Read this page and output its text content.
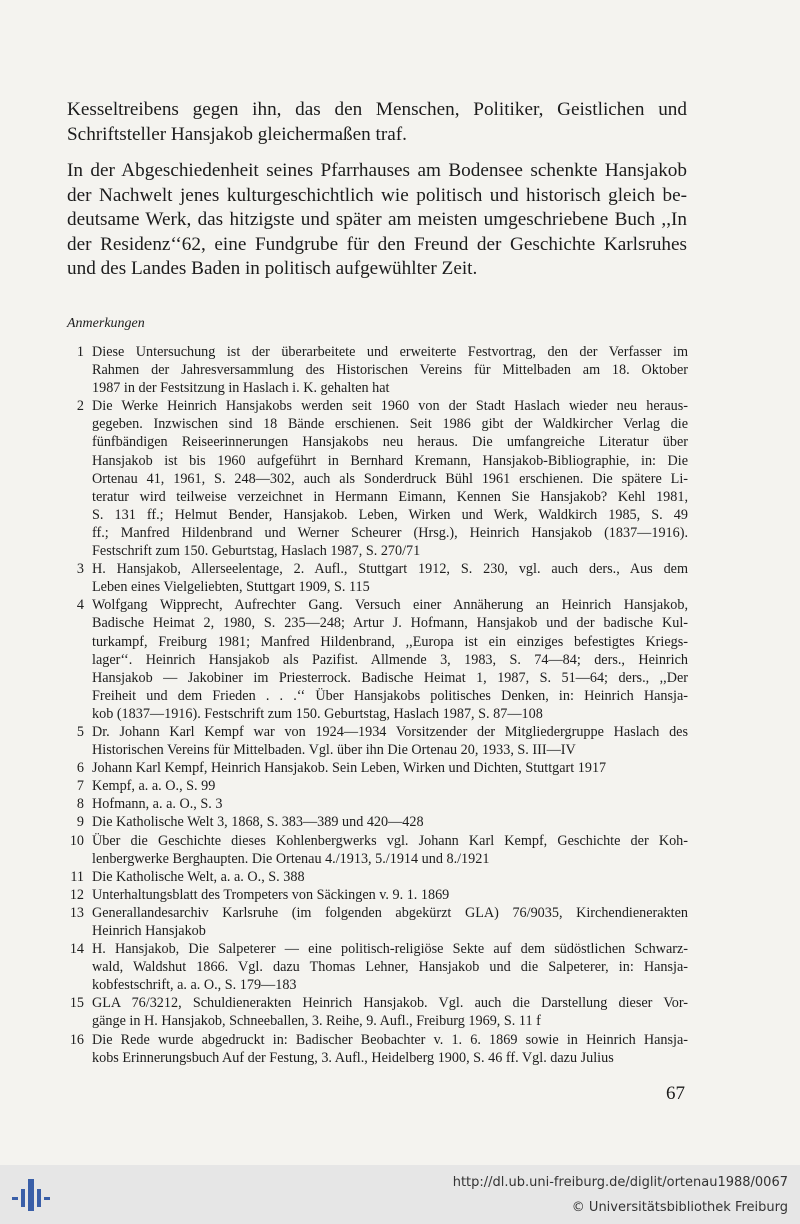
Kesseltreibens gegen ihn, das den Menschen, Politiker, Geistlichen und
Schriftsteller Hansjakob gleichermaßen traf.

In der Abgeschiedenheit seines Pfarrhauses am Bodensee schenkte Hansjakob
der Nachwelt jenes kulturgeschichtlich wie politisch und historisch gleich be-
deutsame Werk, das hitzigste und später am meisten umgeschriebene Buch ,,In
der Residenz‘‘62, eine Fundgrube für den Freund der Geschichte Karlsruhes
und des Landes Baden in politisch aufgewühlter Zeit.

Anmerkungen
1 Diese Untersuchung ist der überarbeitete und erweiterte Festvortrag, den der Verfasser im
Rahmen der Jahresversammlung des Historischen Vereins für Mittelbaden am 18. Oktober
1987 in der Festsitzung in Haslach i. K. gehalten hat
2 Die Werke Heinrich Hansjakobs werden seit 1960 von der Stadt Haslach wieder neu heraus-
gegeben. Inzwischen sind 18 Bände erschienen. Seit 1986 gibt der Waldkircher Verlag die
fünfbändigen Reiseerinnerungen Hansjakobs neu heraus. Die umfangreiche Literatur über
Hansjakob ist bis 1960 aufgeführt in Bernhard Kremann, Hansjakob-Bibliographie, in: Die
Ortenau 41, 1961, S. 248—302, auch als Sonderdruck Bühl 1961 erschienen. Die spätere Li-
teratur wird teilweise verzeichnet in Hermann Eimann, Kennen Sie Hansjakob? Kehl 1981,
S. 131 ff.; Helmut Bender, Hansjakob. Leben, Wirken und Werk, Waldkirch 1985, S. 49
ff.; Manfred Hildenbrand und Werner Scheurer (Hrsg.), Heinrich Hansjakob (1837—1916).
Festschrift zum 150. Geburtstag, Haslach 1987, S. 270/71
3 H. Hansjakob, Allerseelentage, 2. Aufl., Stuttgart 1912, S. 230, vgl. auch ders., Aus dem
Leben eines Vielgeliebten, Stuttgart 1909, S. 115
4 Wolfgang Wipprecht, Aufrechter Gang. Versuch einer Annäherung an Heinrich Hansjakob,
Badische Heimat 2, 1980, S. 235—248; Artur J. Hofmann, Hansjakob und der badische Kul-
turkampf, Freiburg 1981; Manfred Hildenbrand, ,,Europa ist ein einziges befestigtes Kriegs-
lager‘‘. Heinrich Hansjakob als Pazifist. Allmende 3, 1983, S. 74—84; ders., Heinrich
Hansjakob — Jakobiner im Priesterrock. Badische Heimat 1, 1987, S. 51—64; ders., ,,Der
Freiheit und dem Frieden . . .‘‘ Über Hansjakobs politisches Denken, in: Heinrich Hansja-
kob (1837—1916). Festschrift zum 150. Geburtstag, Haslach 1987, S. 87—108
5 Dr. Johann Karl Kempf war von 1924—1934 Vorsitzender der Mitgliedergruppe Haslach des
Historischen Vereins für Mittelbaden. Vgl. über ihn Die Ortenau 20, 1933, S. III—IV
6 Johann Karl Kempf, Heinrich Hansjakob. Sein Leben, Wirken und Dichten, Stuttgart 1917
7 Kempf, a. a. O., S. 99
8 Hofmann, a. a. O., S. 3
9 Die Katholische Welt 3, 1868, S. 383—389 und 420—428
10 Über die Geschichte dieses Kohlenbergwerks vgl. Johann Karl Kempf, Geschichte der Koh-
lenbergwerke Berghaupten. Die Ortenau 4./1913, 5./1914 und 8./1921
11 Die Katholische Welt, a. a. O., S. 388
12 Unterhaltungsblatt des Trompeters von Säckingen v. 9. 1. 1869
13 Generallandesarchiv Karlsruhe (im folgenden abgekürzt GLA) 76/9035, Kirchendienerakten
Heinrich Hansjakob
14 H. Hansjakob, Die Salpeterer — eine politisch-religiöse Sekte auf dem südöstlichen Schwarz-
wald, Waldshut 1866. Vgl. dazu Thomas Lehner, Hansjakob und die Salpeterer, in: Hansja-
kobfestschrift, a. a. O., S. 179—183
15 GLA 76/3212, Schuldienerakten Heinrich Hansjakob. Vgl. auch die Darstellung dieser Vor-
gänge in H. Hansjakob, Schneeballen, 3. Reihe, 9. Aufl., Freiburg 1969, S. 11 f
16 Die Rede wurde abgedruckt in: Badischer Beobachter v. 1. 6. 1869 sowie in Heinrich Hansja-
kobs Erinnerungsbuch Auf der Festung, 3. Aufl., Heidelberg 1900, S. 46 ff. Vgl. dazu Julius
67
http://dl.ub.uni-freiburg.de/diglit/ortenau1988/0067
© Universitätsbibliothek Freiburg
